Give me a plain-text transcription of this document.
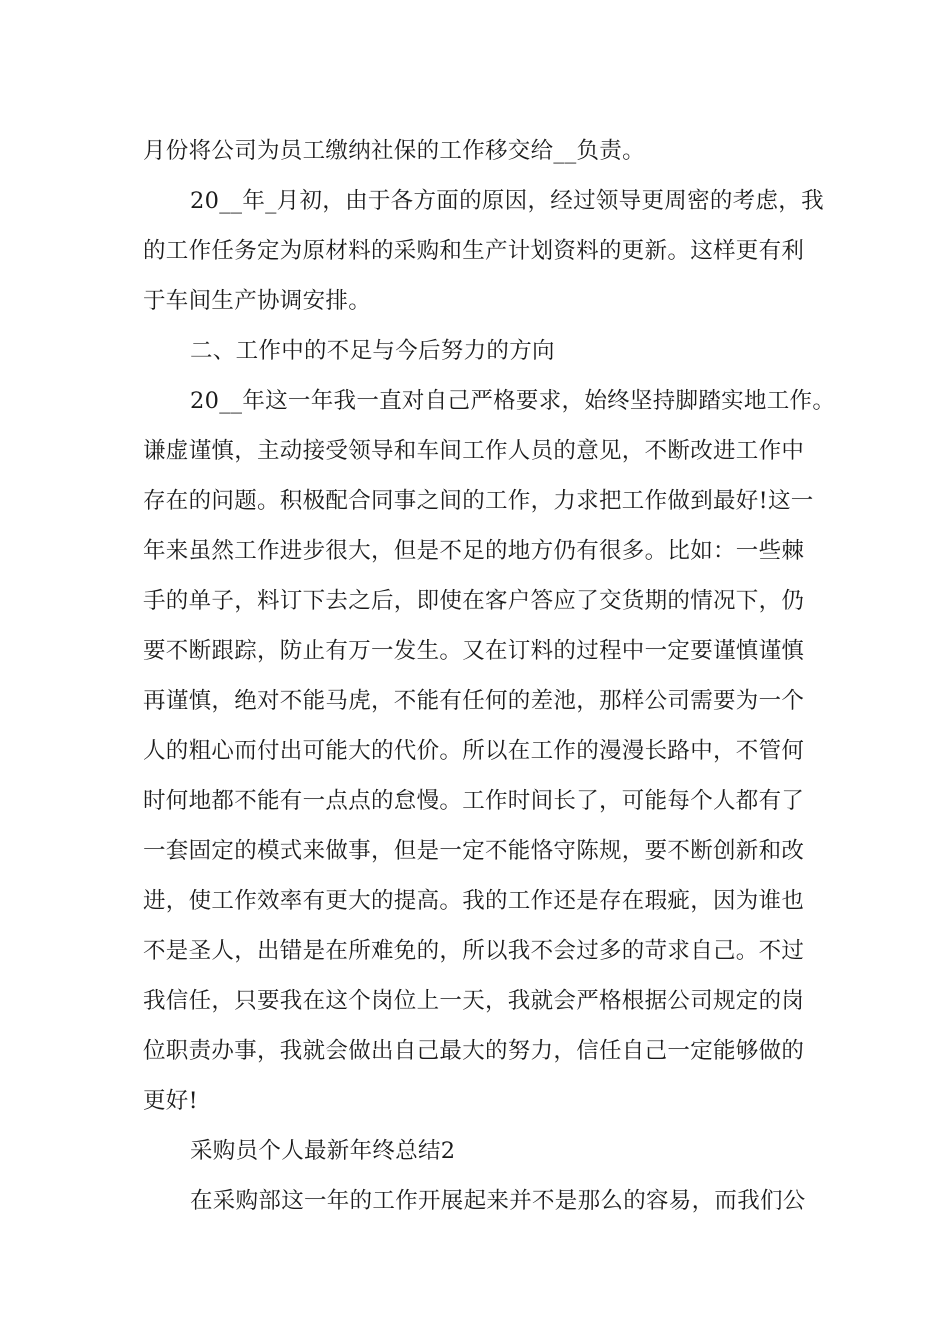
月份将公司为员工缴纳社保的工作移交给__负责。
20__年_月初，由于各方面的原因，经过领导更周密的考虑，我
的工作任务定为原材料的采购和生产计划资料的更新。这样更有利
于车间生产协调安排。
二、工作中的不足与今后努力的方向
20__年这一年我一直对自己严格要求，始终坚持脚踏实地工作。
谦虚谨慎，主动接受领导和车间工作人员的意见，不断改进工作中
存在的问题。积极配合同事之间的工作，力求把工作做到最好!这一
年来虽然工作进步很大，但是不足的地方仍有很多。比如：一些棘
手的单子，料订下去之后，即使在客户答应了交货期的情况下，仍
要不断跟踪，防止有万一发生。又在订料的过程中一定要谨慎谨慎
再谨慎，绝对不能马虎，不能有任何的差池，那样公司需要为一个
人的粗心而付出可能大的代价。所以在工作的漫漫长路中，不管何
时何地都不能有一点点的怠慢。工作时间长了，可能每个人都有了
一套固定的模式来做事，但是一定不能恪守陈规，要不断创新和改
进，使工作效率有更大的提高。我的工作还是存在瑕疵，因为谁也
不是圣人，出错是在所难免的，所以我不会过多的苛求自己。不过
我信任，只要我在这个岗位上一天，我就会严格根据公司规定的岗
位职责办事，我就会做出自己最大的努力，信任自己一定能够做的
更好!
采购员个人最新年终总结2
在采购部这一年的工作开展起来并不是那么的容易，而我们公
